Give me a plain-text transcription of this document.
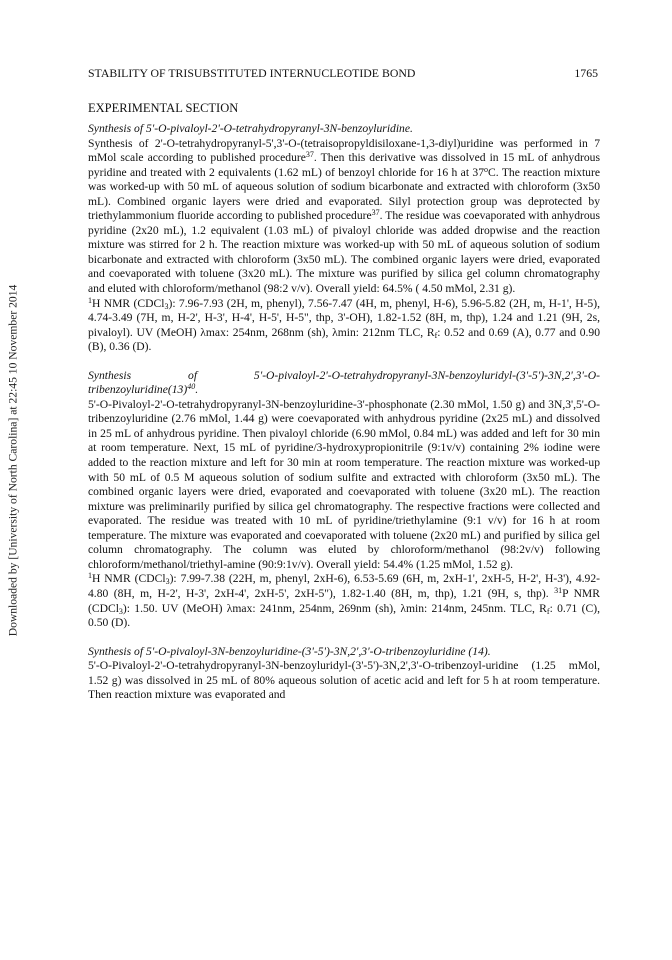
STABILITY OF TRISUBSTITUTED INTERNUCLEOTIDE BOND	1765
EXPERIMENTAL SECTION
Downloaded by [University of North Carolina] at 22:45 10 November 2014
Synthesis of 5'-O-pivaloyl-2'-O-tetrahydropyranyl-3N-benzoyluridine.
Synthesis of 2'-O-tetrahydropyranyl-5',3'-O-(tetraisopropyldisiloxane-1,3-diyl)uridine was performed in 7 mMol scale according to published procedure$^{37}$. Then this derivative was dissolved in 15 mL of anhydrous pyridine and treated with 2 equivalents (1.62 mL) of benzoyl chloride for 16 h at 37$^o$C. The reaction mixture was worked-up with 50 mL of aqueous solution of sodium bicarbonate and extracted with chloroform (3x50 mL). Combined organic layers were dried and evaporated. Silyl protection group was deprotected by triethylammonium fluoride according to published procedure$^{37}$. The residue was coevaporated with anhydrous pyridine (2x20 mL), 1.2 equivalent (1.03 mL) of pivaloyl chloride was added dropwise and the reaction mixture was stirred for 2 h. The reaction mixture was worked-up with 50 mL of aqueous solution of sodium bicarbonate and extracted with chloroform (3x50 mL). The combined organic layers were dried, evaporated and coevaporated with toluene (3x20 mL). The mixture was purified by silica gel column chromatography and eluted with chloroform/methanol (98:2 v/v). Overall yield: 64.5% ( 4.50 mMol, 2.31 g).
$^1$H NMR (CDCl$_3$): 7.96-7.93 (2H, m, phenyl), 7.56-7.47 (4H, m, phenyl, H-6), 5.96-5.82 (2H, m, H-1', H-5), 4.74-3.49 (7H, m, H-2', H-3', H-4', H-5', H-5", thp, 3'-OH), 1.82-1.52 (8H, m, thp), 1.24 and 1.21 (9H, 2s, pivaloyl). UV (MeOH) λmax: 254nm, 268nm (sh), λmin: 212nm TLC, $R_f$: 0.52 and 0.69 (A), 0.77 and 0.90 (B), 0.36 (D).
Synthesis of $5'-O-pivaloyl-2'-O-tetrahydropyranyl-3N-benzoyluridyl-(3'-5')-3N,2',3'-O-tribenzoyluridine(13)^{40}$.
5'-O-Pivaloyl-2'-O-tetrahydropyranyl-3N-benzoyluridine-3'-phosphonate (2.30 mMol, 1.50 g) and 3N,3',5'-O-tribenzoyluridine (2.76 mMol, 1.44 g) were coevaporated with anhydrous pyridine (2x25 mL) and dissolved in 25 mL of anhydrous pyridine. Then pivaloyl chloride (6.90 mMol, 0.84 mL) was added and left for 30 min at room temperature. Next, 15 mL of pyridine/3-hydroxypropionitrile (9:1v/v) containing 2% iodine were added to the reaction mixture and left for 30 min at room temperature. The reaction mixture was worked-up with 50 mL of 0.5 M aqueous solution of sodium sulfite and extracted with chloroform (3x50 mL). The combined organic layers were dried, evaporated and coevaporated with toluene (3x20 mL). The reaction mixture was preliminarily purified by silica gel chromatography. The respective fractions were collected and evaporated. The residue was treated with 10 mL of pyridine/triethylamine (9:1 v/v) for 16 h at room temperature. The mixture was evaporated and coevaporated with toluene (2x20 mL) and purified by silica gel column chromatography. The column was eluted by chloroform/methanol (98:2v/v) following chloroform/methanol/triethyl-amine (90:9:1v/v). Overall yield: 54.4% (1.25 mMol, 1.52 g).
$^1$H NMR (CDCl$_3$): 7.99-7.38 (22H, m, phenyl, 2xH-6), 6.53-5.69 (6H, m, 2xH-1', 2xH-5, H-2', H-3'), 4.92-4.80 (8H, m, H-2', H-3', 2xH-4', 2xH-5', 2xH-5"), 1.82-1.40 (8H, m, thp), 1.21 (9H, s, thp). $^{31}$P NMR (CDCl$_3$): 1.50. UV (MeOH) λmax: 241nm, 254nm, 269nm (sh), λmin: 214nm, 245nm. TLC, $R_f$: 0.71 (C), 0.50 (D).
Synthesis of 5'-O-pivaloyl-3N-benzoyluridine-(3'-5')-3N,2',3'-O-tribenzoyluridine (14).
5'-O-Pivaloyl-2'-O-tetrahydropyranyl-3N-benzoyluridyl-(3'-5')-3N,2',3'-O-tribenzoyl-uridine (1.25 mMol, 1.52 g) was dissolved in 25 mL of 80% aqueous solution of acetic acid and left for 5 h at room temperature. Then reaction mixture was evaporated and
